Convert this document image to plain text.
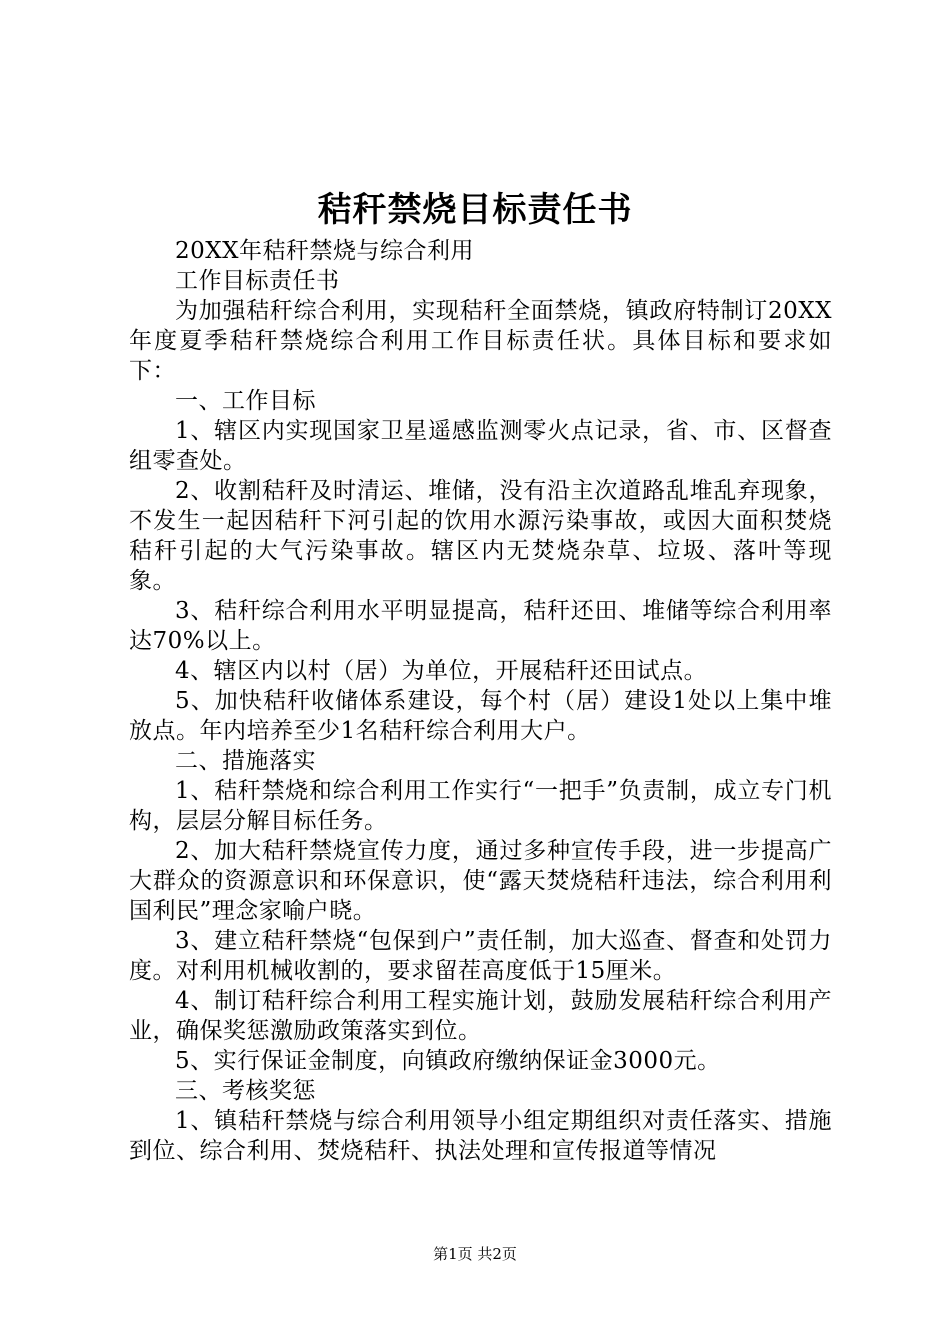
秸秆禁烧目标责任书

20XX年秸秆禁烧与综合利用

工作目标责任书

为加强秸秆综合利用，实现秸秆全面禁烧，镇政府特制订20XX年度夏季秸秆禁烧综合利用工作目标责任状。具体目标和要求如下：

一、工作目标

1、辖区内实现国家卫星遥感监测零火点记录，省、市、区督查组零查处。

2、收割秸秆及时清运、堆储，没有沿主次道路乱堆乱弃现象，不发生一起因秸秆下河引起的饮用水源污染事故，或因大面积焚烧秸秆引起的大气污染事故。辖区内无焚烧杂草、垃圾、落叶等现象。

3、秸秆综合利用水平明显提高，秸秆还田、堆储等综合利用率达70%以上。

4、辖区内以村（居）为单位，开展秸秆还田试点。

5、加快秸秆收储体系建设，每个村（居）建设1处以上集中堆放点。年内培养至少1名秸秆综合利用大户。

二、措施落实

1、秸秆禁烧和综合利用工作实行“一把手”负责制，成立专门机构，层层分解目标任务。

2、加大秸秆禁烧宣传力度，通过多种宣传手段，进一步提高广大群众的资源意识和环保意识，使“露天焚烧秸秆违法，综合利用利国利民”理念家喻户晓。

3、建立秸秆禁烧“包保到户”责任制，加大巡查、督查和处罚力度。对利用机械收割的，要求留茬高度低于15厘米。

4、制订秸秆综合利用工程实施计划，鼓励发展秸秆综合利用产业，确保奖惩激励政策落实到位。

5、实行保证金制度，向镇政府缴纳保证金3000元。

三、考核奖惩

1、镇秸秆禁烧与综合利用领导小组定期组织对责任落实、措施到位、综合利用、焚烧秸秆、执法处理和宣传报道等情况

第1页 共2页
